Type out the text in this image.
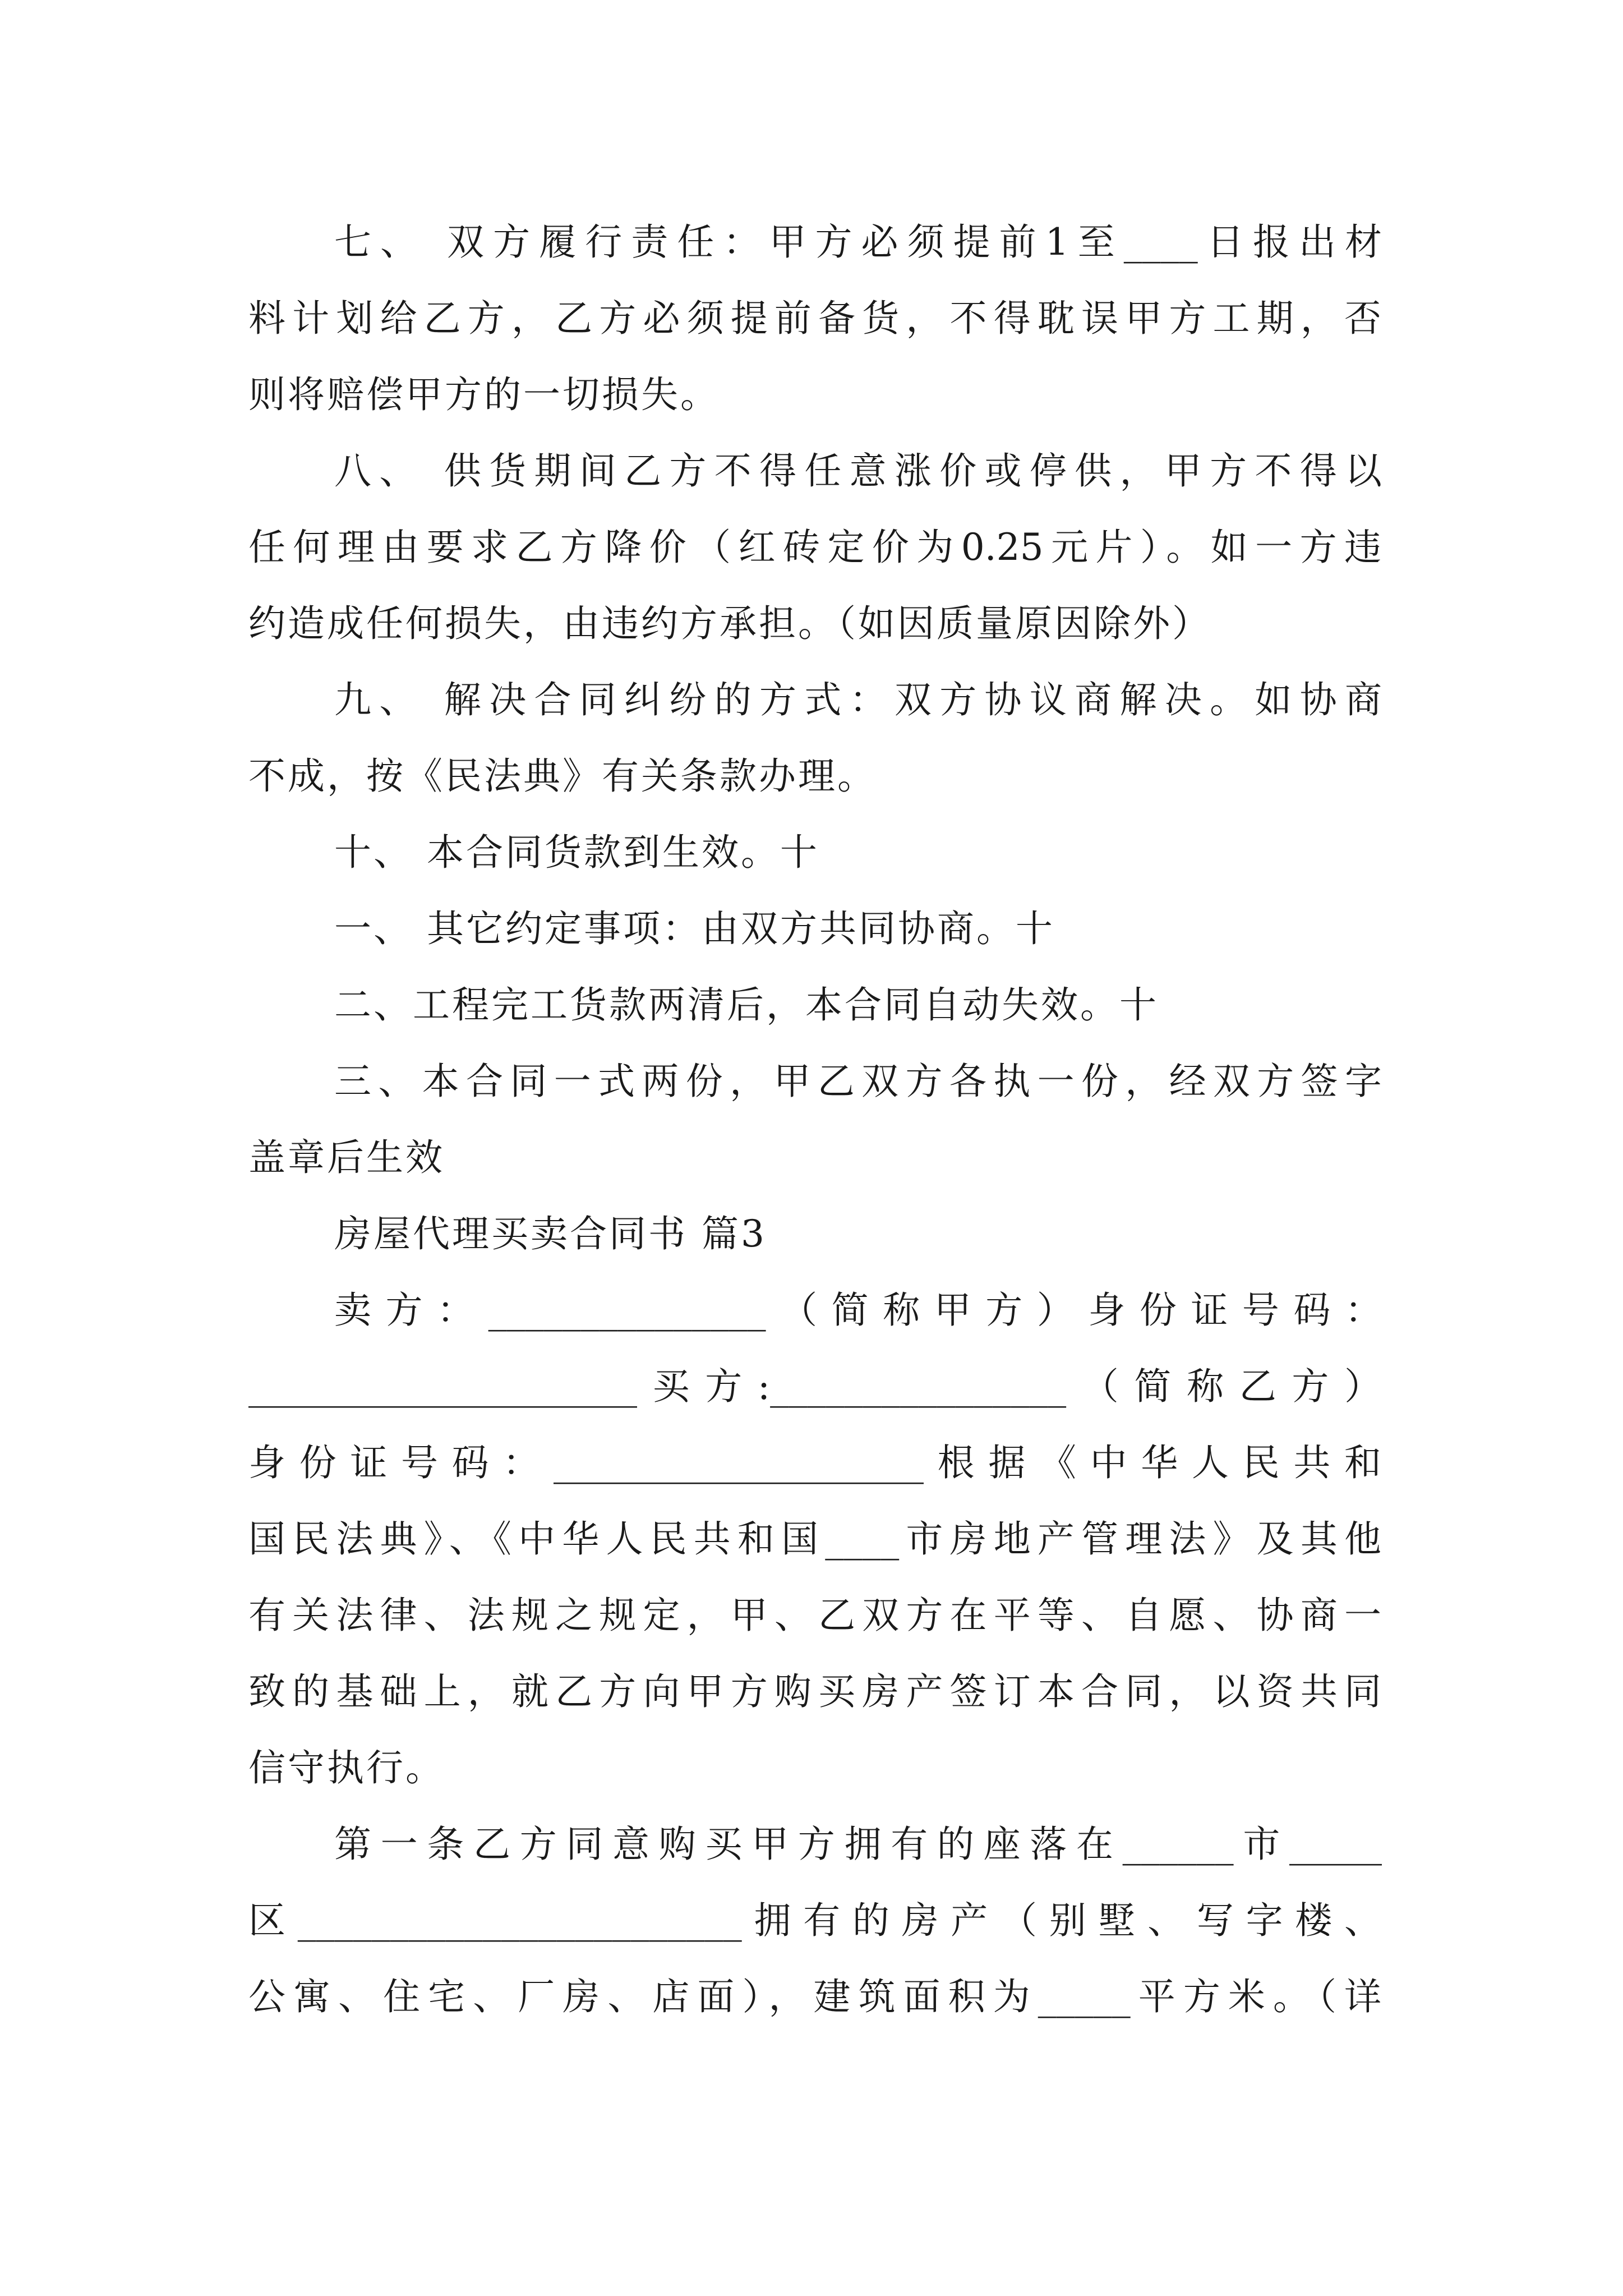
七、 双方履行责任：甲方必须提前1至____日报出材

料计划给乙方，乙方必须提前备货，不得耽误甲方工期，否

则将赔偿甲方的一切损失。

八、 供货期间乙方不得任意涨价或停供，甲方不得以

任何理由要求乙方降价（红砖定价为0.25元片）。如一方违

约造成任何损失，由违约方承担。（如因质量原因除外）

九、 解决合同纠纷的方式：双方协议商解决。如协商

不成，按《民法典》有关条款办理。

十、 本合同货款到生效。十

一、 其它约定事项：由双方共同协商。十

二、工程完工货款两清后，本合同自动失效。十

三、本合同一式两份，甲乙双方各执一份，经双方签字

盖章后生效

房屋代理买卖合同书 篇3

卖方：_______________（简称甲方）身份证号码：

_____________________买方:________________（简称乙方）

身份证号码：____________________根据《中华人民共和

国民法典》、《中华人民共和国____市房地产管理法》及其他

有关法律、法规之规定，甲、乙双方在平等、自愿、协商一

致的基础上，就乙方向甲方购买房产签订本合同，以资共同

信守执行。

第一条乙方同意购买甲方拥有的座落在______市_____

区________________________拥有的房产（别墅、写字楼、

公寓、住宅、厂房、店面），建筑面积为_____平方米。（详
